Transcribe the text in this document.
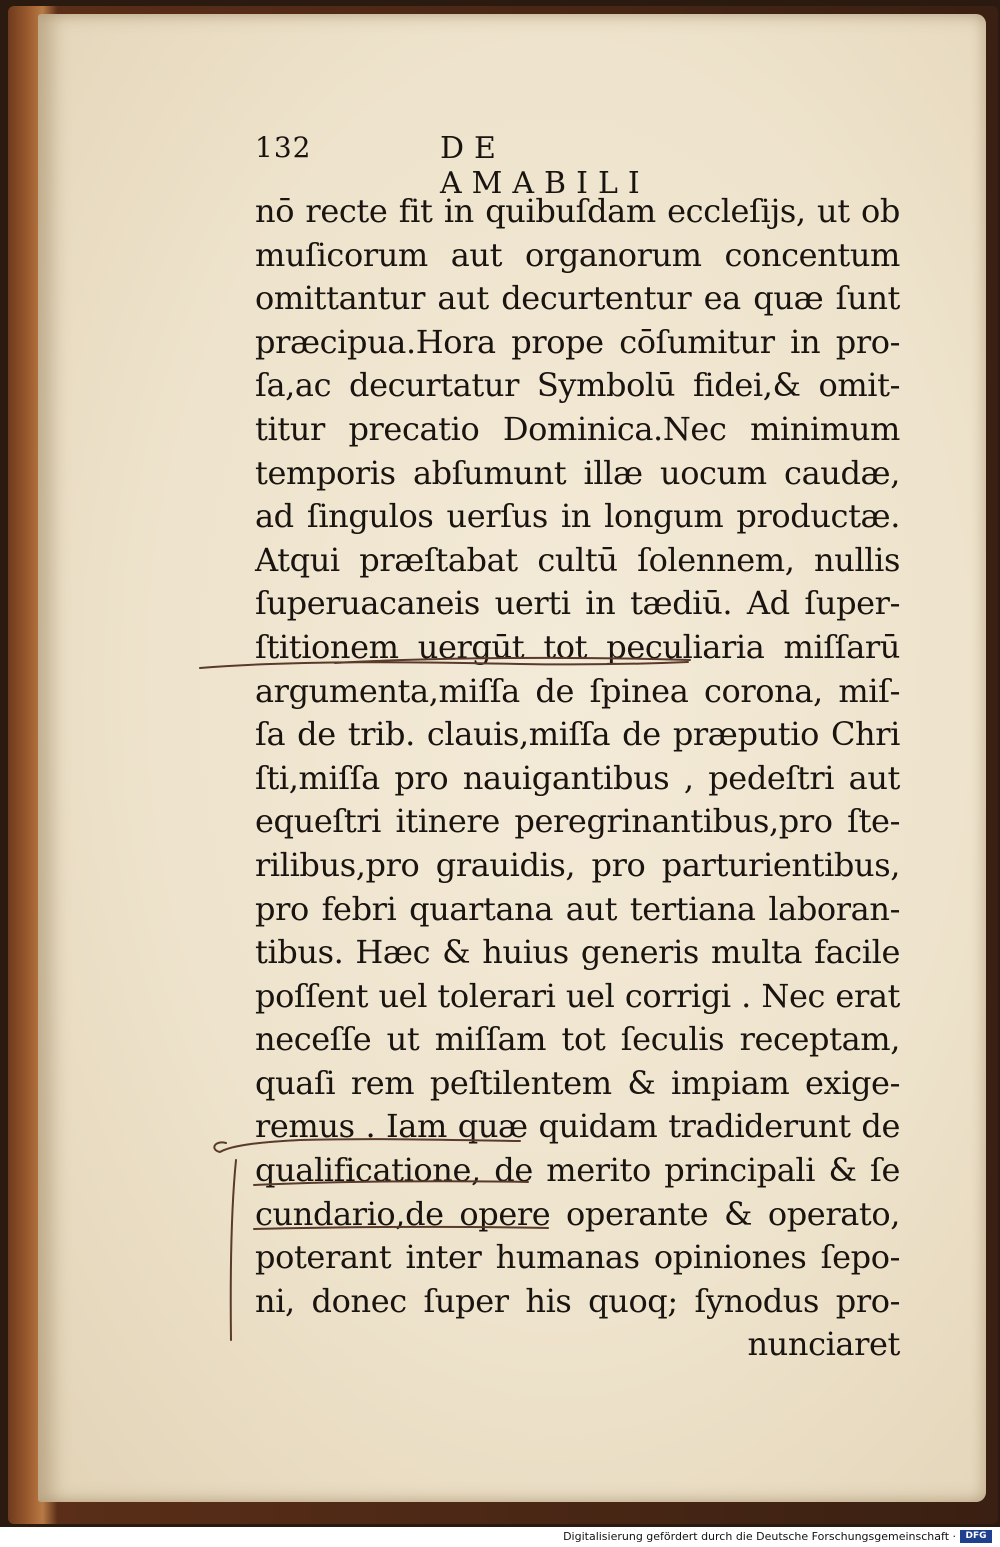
132	DE AMABILI
nō recte fit in quibuſdam eccleſijs, ut ob
muſicorum aut organorum concentum
omittantur aut decurtentur ea quæ ſunt
præcipua.Hora prope cōſumitur in pro-
ſa,ac decurtatur Symbolū fidei,& omit-
titur precatio Dominica.Nec minimum
temporis abſumunt illæ uocum caudæ,
ad ſingulos uerſus in longum productæ.
Atqui præſtabat cultū ſolennem, nullis
ſuperuacaneis uerti in tædiū. Ad ſuper-
ſtitionem uergūt tot peculiaria miſſarū
argumenta,miſſa de ſpinea corona, miſ-
ſa de trib. clauis,miſſa de præputio Chri
ſti,miſſa pro nauigantibus , pedeſtri aut
equeſtri itinere peregrinantibus,pro ſte-
rilibus,pro grauidis, pro parturientibus,
pro febri quartana aut tertiana laboran-
tibus. Hæc & huius generis multa facile
poſſent uel tolerari uel corrigi . Nec erat
neceſſe ut miſſam tot ſeculis receptam,
quaſi rem peſtilentem & impiam exige-
remus . Iam quæ quidam tradiderunt de
qualificatione, de merito principali & ſe
cundario,de opere operante & operato,
poterant inter humanas opiniones ſepo-
ni, donec ſuper his quoq; ſynodus pro-
nunciaret
Digitalisierung gefördert durch die Deutsche Forschungsgemeinschaft ·	DFG
